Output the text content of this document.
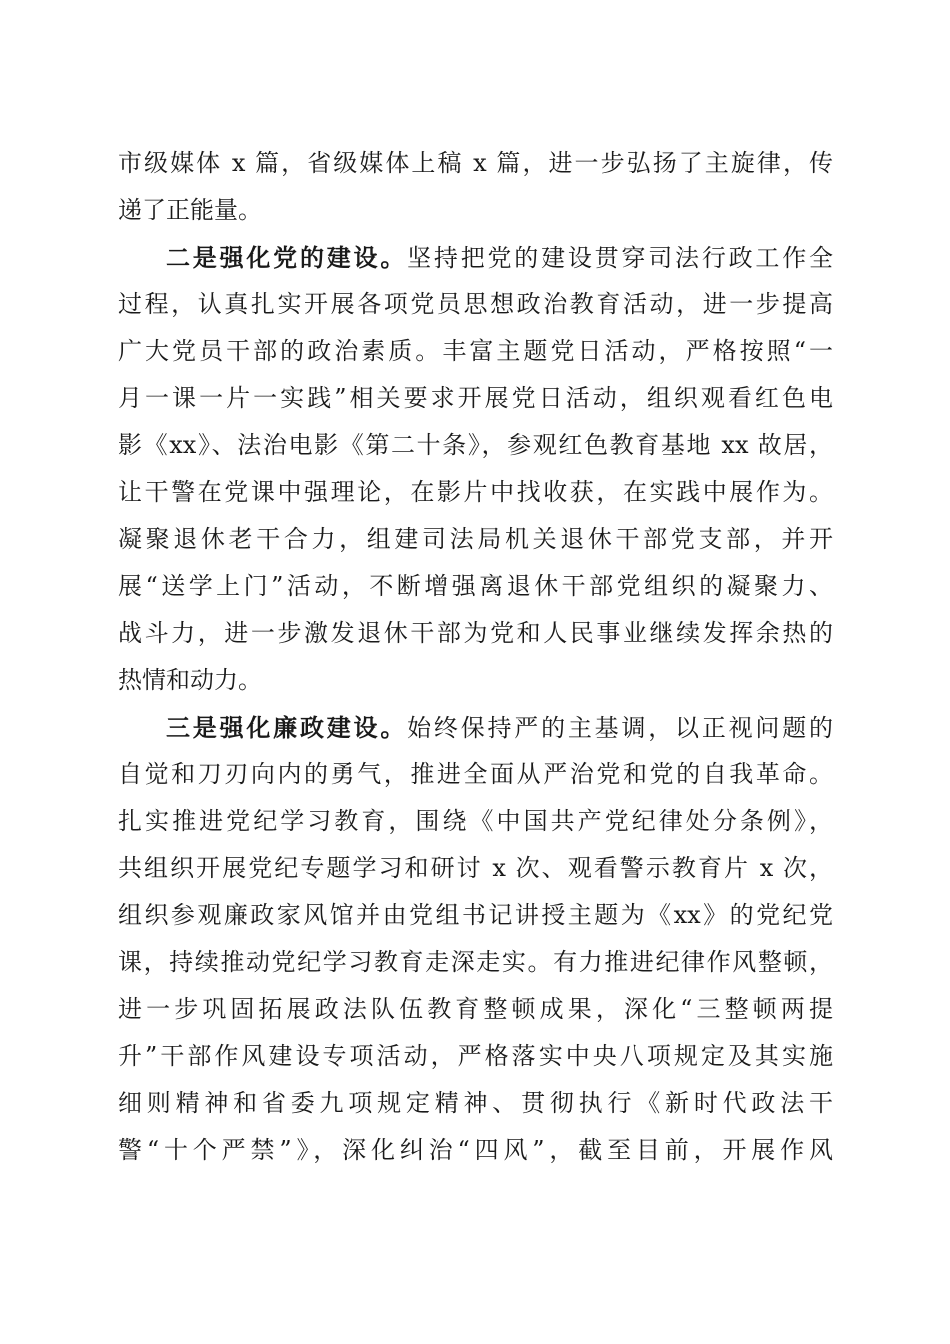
市级媒体 x 篇，省级媒体上稿 x 篇，进一步弘扬了主旋律，传
递了正能量。
二是强化党的建设。坚持把党的建设贯穿司法行政工作全
过程，认真扎实开展各项党员思想政治教育活动，进一步提高
广大党员干部的政治素质。丰富主题党日活动，严格按照“一
月一课一片一实践”相关要求开展党日活动，组织观看红色电
影《xx》、法治电影《第二十条》，参观红色教育基地 xx 故居，
让干警在党课中强理论，在影片中找收获，在实践中展作为。
凝聚退休老干合力，组建司法局机关退休干部党支部，并开
展“送学上门”活动，不断增强离退休干部党组织的凝聚力、
战斗力，进一步激发退休干部为党和人民事业继续发挥余热的
热情和动力。
三是强化廉政建设。始终保持严的主基调，以正视问题的
自觉和刀刃向内的勇气，推进全面从严治党和党的自我革命。
扎实推进党纪学习教育，围绕《中国共产党纪律处分条例》，
共组织开展党纪专题学习和研讨 x 次、观看警示教育片 x 次，
组织参观廉政家风馆并由党组书记讲授主题为《xx》的党纪党
课，持续推动党纪学习教育走深走实。有力推进纪律作风整顿，
进一步巩固拓展政法队伍教育整顿成果，深化“三整顿两提
升”干部作风建设专项活动，严格落实中央八项规定及其实施
细则精神和省委九项规定精神、贯彻执行《新时代政法干
警“十个严禁”》，深化纠治“四风”，截至目前，开展作风
